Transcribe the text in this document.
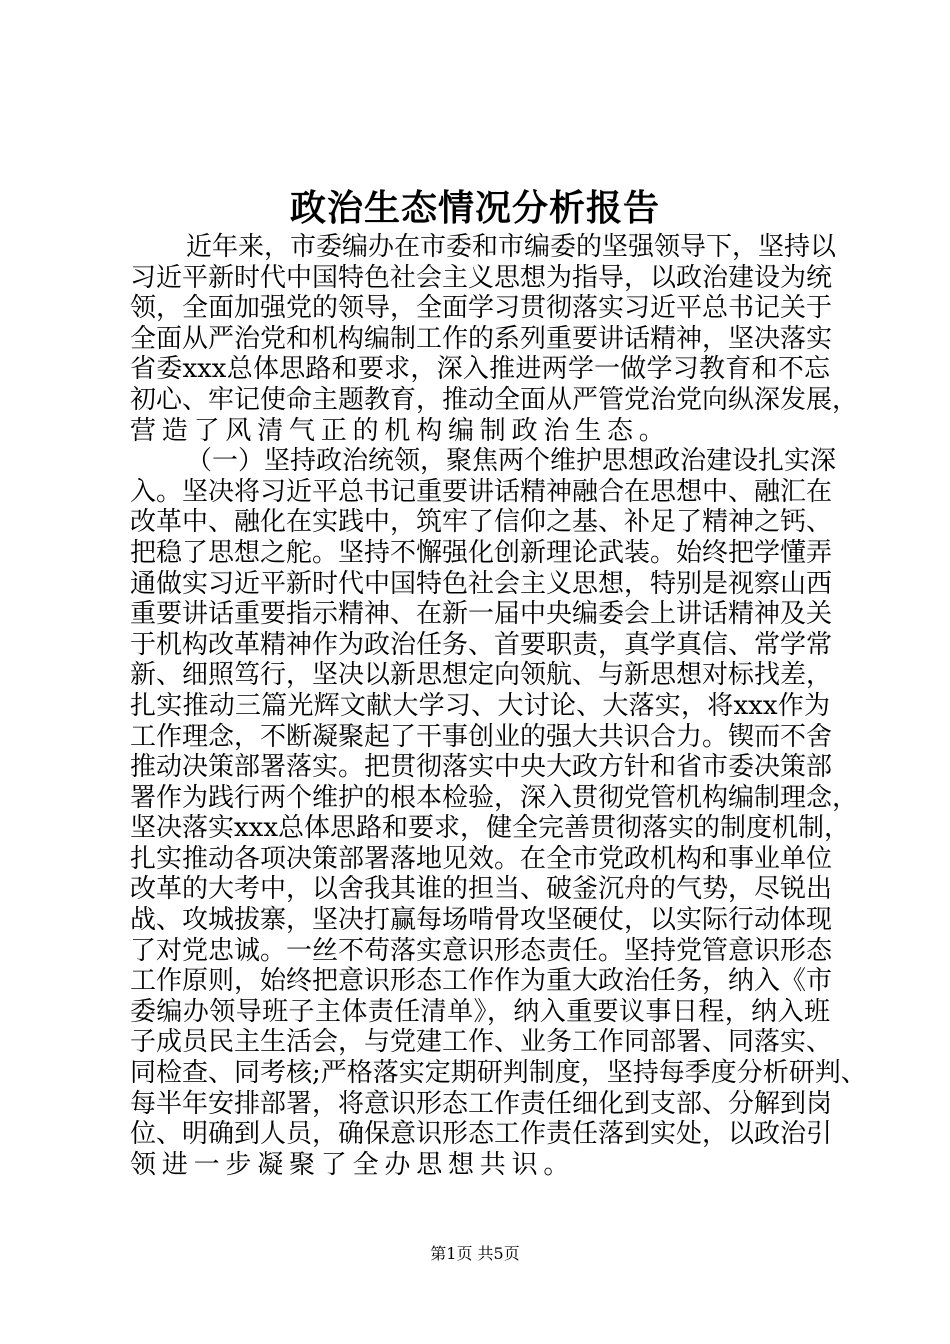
政治生态情况分析报告
近年来，市委编办在市委和市编委的坚强领导下，坚持以
习近平新时代中国特色社会主义思想为指导，以政治建设为统
领，全面加强党的领导，全面学习贯彻落实习近平总书记关于
全面从严治党和机构编制工作的系列重要讲话精神，坚决落实
省委xxx总体思路和要求，深入推进两学一做学习教育和不忘
初心、牢记使命主题教育，推动全面从严管党治党向纵深发展，
营造了风清气正的机构编制政治生态。
（一）坚持政治统领，聚焦两个维护思想政治建设扎实深
入。坚决将习近平总书记重要讲话精神融合在思想中、融汇在
改革中、融化在实践中，筑牢了信仰之基、补足了精神之钙、
把稳了思想之舵。坚持不懈强化创新理论武装。始终把学懂弄
通做实习近平新时代中国特色社会主义思想，特别是视察山西
重要讲话重要指示精神、在新一届中央编委会上讲话精神及关
于机构改革精神作为政治任务、首要职责，真学真信、常学常
新、细照笃行，坚决以新思想定向领航、与新思想对标找差，
扎实推动三篇光辉文献大学习、大讨论、大落实，将xxx作为
工作理念，不断凝聚起了干事创业的强大共识合力。锲而不舍
推动决策部署落实。把贯彻落实中央大政方针和省市委决策部
署作为践行两个维护的根本检验，深入贯彻党管机构编制理念，
坚决落实xxx总体思路和要求，健全完善贯彻落实的制度机制，
扎实推动各项决策部署落地见效。在全市党政机构和事业单位
改革的大考中，以舍我其谁的担当、破釜沉舟的气势，尽锐出
战、攻城拔寨，坚决打赢每场啃骨攻坚硬仗，以实际行动体现
了对党忠诚。一丝不苟落实意识形态责任。坚持党管意识形态
工作原则，始终把意识形态工作作为重大政治任务，纳入《市
委编办领导班子主体责任清单》，纳入重要议事日程，纳入班
子成员民主生活会，与党建工作、业务工作同部署、同落实、
同检查、同考核;严格落实定期研判制度，坚持每季度分析研判、
每半年安排部署，将意识形态工作责任细化到支部、分解到岗
位、明确到人员，确保意识形态工作责任落到实处，以政治引
领进一步凝聚了全办思想共识。
第1页 共5页
